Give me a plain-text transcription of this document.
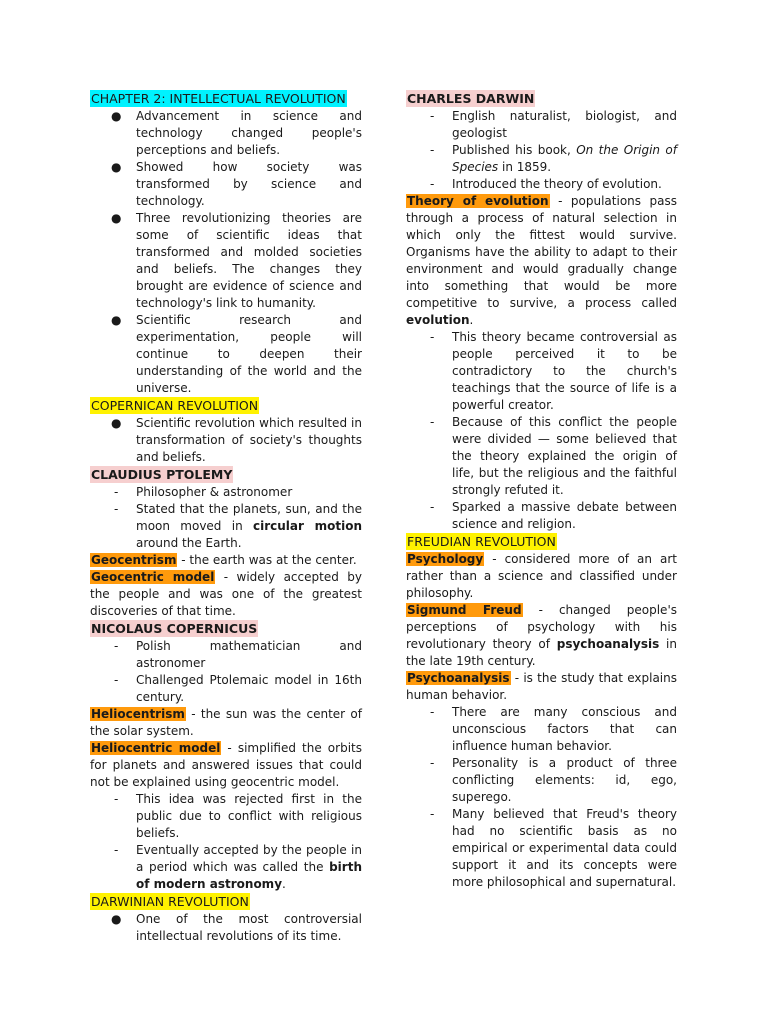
CHAPTER 2: INTELLECTUAL REVOLUTION
● Advancement in science and technology changed people's perceptions and beliefs.
● Showed how society was transformed by science and technology.
● Three revolutionizing theories are some of scientific ideas that transformed and molded societies and beliefs. The changes they brought are evidence of science and technology's link to humanity.
● Scientific research and experimentation, people will continue to deepen their understanding of the world and the universe.
COPERNICAN REVOLUTION
● Scientific revolution which resulted in transformation of society's thoughts and beliefs.
CLAUDIUS PTOLEMY
- Philosopher & astronomer
- Stated that the planets, sun, and the moon moved in circular motion around the Earth.

Geocentrism - the earth was at the center.

Geocentric model - widely accepted by the people and was one of the greatest discoveries of that time.

NICOLAUS COPERNICUS
- Polish mathematician and astronomer
- Challenged Ptolemaic model in 16th century.

Heliocentrism - the sun was the center of the solar system.

Heliocentric model - simplified the orbits for planets and answered issues that could not be explained using geocentric model.

- This idea was rejected first in the public due to conflict with religious beliefs.
- Eventually accepted by the people in a period which was called the birth of modern astronomy.
DARWINIAN REVOLUTION
● One of the most controversial intellectual revolutions of its time.
CHARLES DARWIN
- English naturalist, biologist, and geologist
- Published his book, On the Origin of Species in 1859.
- Introduced the theory of evolution.

Theory of evolution - populations pass through a process of natural selection in which only the fittest would survive. Organisms have the ability to adapt to their environment and would gradually change into something that would be more competitive to survive, a process called evolution.

- This theory became controversial as people perceived it to be contradictory to the church's teachings that the source of life is a powerful creator.
- Because of this conflict the people were divided — some believed that the theory explained the origin of life, but the religious and the faithful strongly refuted it.
- Sparked a massive debate between science and religion.
FREUDIAN REVOLUTION

Psychology - considered more of an art rather than a science and classified under philosophy.

Sigmund Freud - changed people's perceptions of psychology with his revolutionary theory of psychoanalysis in the late 19th century.

Psychoanalysis - is the study that explains human behavior.

- There are many conscious and unconscious factors that can influence human behavior.
- Personality is a product of three conflicting elements: id, ego, superego.
- Many believed that Freud's theory had no scientific basis as no empirical or experimental data could support it and its concepts were more philosophical and supernatural.
